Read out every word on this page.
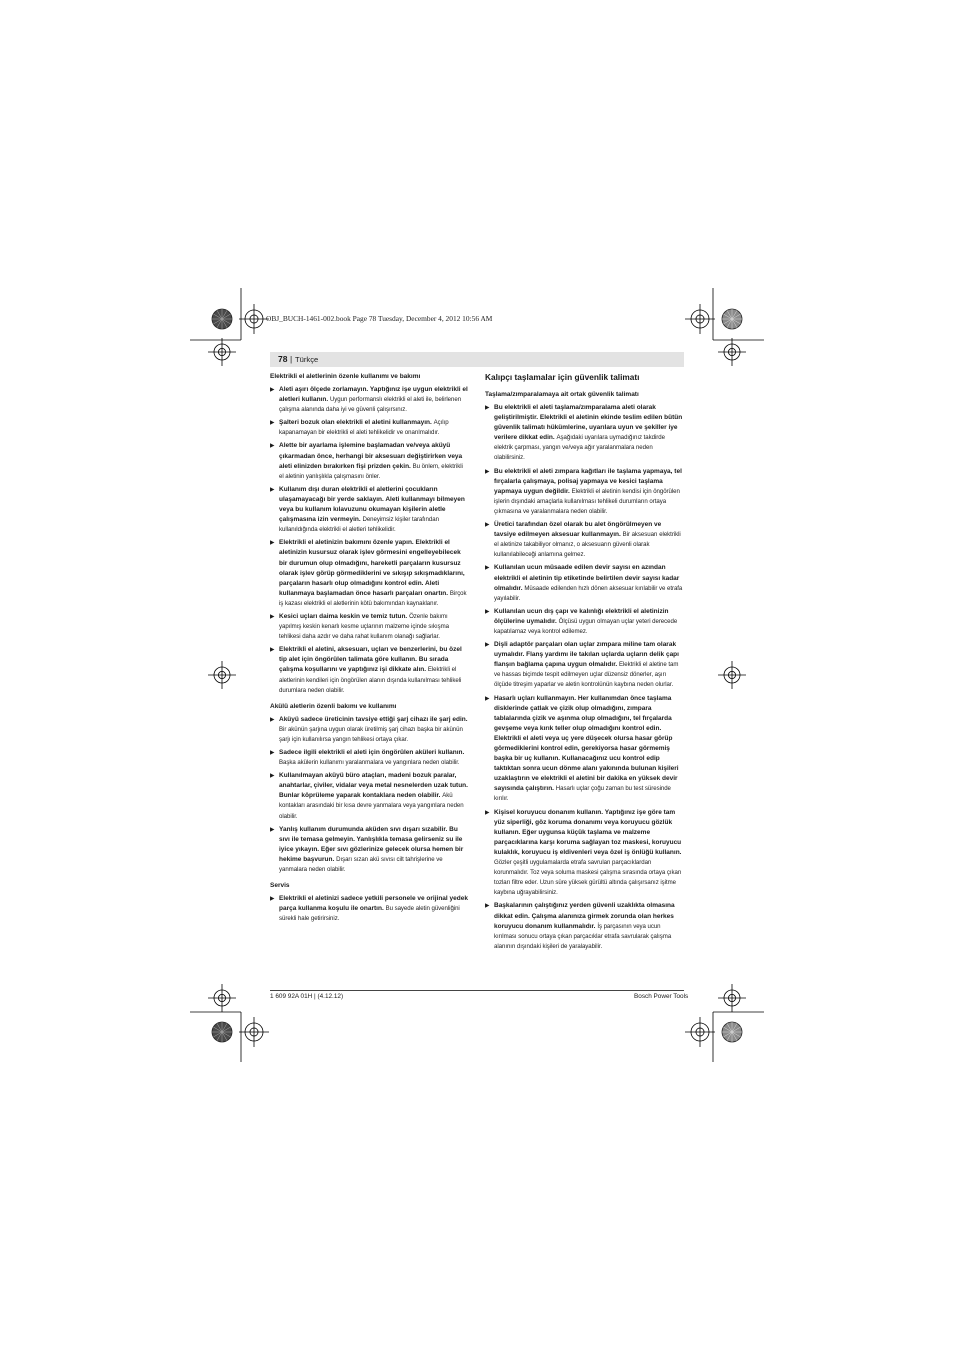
OBJ_BUCH-1461-002.book Page 78 Tuesday, December 4, 2012 10:56 AM
78 | Türkçe
Elektrikli el aletlerinin özenle kullanımı ve bakımı
▶ Aleti aşırı ölçede zorlamayın. Yaptığınız işe uygun elektrikli el aletleri kullanın. Uygun performanslı elektrikli el aleti ile, belirlenen çalışma alanında daha iyi ve güvenli çalışırsınız.
▶ Şalteri bozuk olan elektrikli el aletini kullanmayın. Açılıp kapanamayan bir elektrikli el aleti tehlikelidir ve onarılmalıdır.
▶ Alette bir ayarlama işlemine başlamadan ve/veya aküyü çıkarmadan önce, herhangi bir aksesuarı değiştirirken veya aleti elinizden bırakırken fişi prizden çekin. Bu önlem, elektrikli el aletinin yanlışlıkla çalışmasını önler.
▶ Kullanım dışı duran elektrikli el aletlerini çocukların ulaşamayacağı bir yerde saklayın. Aleti kullanmayı bilmeyen veya bu kullanım kılavuzunu okumayan kişilerin aletle çalışmasına izin vermeyin. Deneyimsiz kişiler tarafından kullanıldığında elektrikli el aletleri tehlikelidir.
▶ Elektrikli el aletinizin bakımını özenle yapın. Elektrikli el aletinizin kusursuz olarak işlev görmesini engelleyebilecek bir durumun olup olmadığını, hareketli parçaların kusursuz olarak işlev görüp görmediklerini ve sıkışıp sıkışmadıklarını, parçaların hasarlı olup olmadığını kontrol edin. Aleti kullanmaya başlamadan önce hasarlı parçaları onartın. Birçok iş kazası elektrikli el aletlerinin kötü bakımından kaynaklanır.
▶ Kesici uçları daima keskin ve temiz tutun. Özenle bakımı yapılmış keskin kenarlı kesme uçlarının malzeme içinde sıkışma tehlikesi daha azdır ve daha rahat kullanım olanağı sağlarlar.
▶ Elektrikli el aletini, aksesuarı, uçları ve benzerlerini, bu özel tip alet için öngörülen talimata göre kullanın. Bu sırada çalışma koşullarını ve yaptığınız işi dikkate alın. Elektrikli el aletlerinin kendileri için öngörülen alanın dışında kullanılması tehlikeli durumlara neden olabilir.
Akülü aletlerin özenli bakımı ve kullanımı
▶ Aküyü sadece üreticinin tavsiye ettiği şarj cihazı ile şarj edin. Bir akünün şarjına uygun olarak üretilmiş şarj cihazı başka bir akünün şarjı için kullanılırsa yangın tehlikesi ortaya çıkar.
▶ Sadece ilgili elektrikli el aleti için öngörülen aküleri kullanın. Başka akülerin kullanımı yaralanmalara ve yangınlara neden olabilir.
▶ Kullanılmayan aküyü büro ataçları, madeni bozuk paralar, anahtarlar, çiviler, vidalar veya metal nesnelerden uzak tutun. Bunlar köprüleme yaparak kontaklara neden olabilir. Akü kontakları arasındaki bir kısa devre yanmalara veya yangınlara neden olabilir.
▶ Yanlış kullanım durumunda aküden sıvı dışarı sızabilir. Bu sıvı ile temasa gelmeyin. Yanlışlıkla temasa gelirseniz su ile iyice yıkayın. Eğer sıvı gözlerinize gelecek olursa hemen bir hekime başvurun. Dışarı sızan akü sıvısı cilt tahrişlerine ve yanmalara neden olabilir.
Servis
▶ Elektrikli el aletinizi sadece yetkili personele ve orijinal yedek parça kullanma koşulu ile onartın. Bu sayede aletin güvenliğini sürekli hale getirirsiniz.
Kalıpçı taşlamalar için güvenlik talimatı
Taşlama/zımparalamaya ait ortak güvenlik talimatı
▶ Bu elektrikli el aleti taşlama/zımparalama aleti olarak geliştirilmiştir. Elektrikli el aletinin ekinde teslim edilen bütün güvenlik talimatı hükümlerine, uyarılara uyun ve şekiller iye verilere dikkat edin. Aşağıdaki uyarılara uymadığınız takdirde elektrik çarpması, yangın ve/veya ağır yaralanmalara neden olabilirsiniz.
▶ Bu elektrikli el aleti zımpara kağıtları ile taşlama yapmaya, tel fırçalarla çalışmaya, polisaj yapmaya ve kesici taşlama yapmaya uygun değildir. Elektrikli el aletinin kendisi için öngörülen işlerin dışındaki amaçlarla kullanılması tehlikeli durumların ortaya çıkmasına ve yaralanmalara neden olabilir.
▶ Üretici tarafından özel olarak bu alet öngörülmeyen ve tavsiye edilmeyen aksesuar kullanmayın. Bir aksesuarı elektrikli el aletinize takabiliyor olmanız, o aksesuarın güvenli olarak kullanılabileceği anlamına gelmez.
▶ Kullanılan ucun müsaade edilen devir sayısı en azından elektrikli el aletinin tip etiketinde belirtilen devir sayısı kadar olmalıdır. Müsaade edilenden hızlı dönen aksesuar kırılabilir ve etrafa yayılabilir.
▶ Kullanılan ucun dış çapı ve kalınlığı elektrikli el aletinizin ölçülerine uymalıdır. Ölçüsü uygun olmayan uçlar yeteri derecede kapatılamaz veya kontrol edilemez.
▶ Dişli adaptör parçaları olan uçlar zımpara miline tam olarak uymalıdır. Flanş yardımı ile takılan uçlarda uçların delik çapı flanşın bağlama çapına uygun olmalıdır. Elektrikli el aletine tam ve hassas biçimde tespit edilmeyen uçlar düzensiz dönerler, aşırı ölçüde titreşim yaparlar ve aletin kontrolünün kaybına neden olurlar.
▶ Hasarlı uçları kullanmayın. Her kullanımdan önce taşlama disklerinde çatlak ve çizik olup olmadığını, zımpara tablalarında çizik ve aşınma olup olmadığını, tel fırçalarda gevşeme veya kırık teller olup olmadığını kontrol edin. Elektrikli el aleti veya uç yere düşecek olursa hasar görüp görmediklerini kontrol edin, gerekiyorsa hasar görmemiş başka bir uç kullanın. Kullanacağınız ucu kontrol edip taktıktan sonra ucun dönme alanı yakınında bulunan kişileri uzaklaştırın ve elektrikli el aletini bir dakika en yüksek devir sayısında çalıştırın. Hasarlı uçlar çoğu zaman bu test süresinde kırılır.
▶ Kişisel koruyucu donanım kullanın. Yaptığınız işe göre tam yüz siperliği, göz koruma donanımı veya koruyucu gözlük kullanın. Eğer uygunsa küçük taşlama ve malzeme parçacıklarına karşı koruma sağlayan toz maskesi, koruyucu kulaklık, koruyucu iş eldivenleri veya özel iş önlüğü kullanın. Gözler çeşitli uygulamalarda etrafa savrulan parçacıklardan korunmalıdır. Toz veya soluma maskesi çalışma sırasında ortaya çıkan tozları filtre eder. Uzun süre yüksek gürültü altında çalışırsanız işitme kaybına uğrayabilirsiniz.
▶ Başkalarının çalıştığınız yerden güvenli uzaklıkta olmasına dikkat edin. Çalışma alanınıza girmek zorunda olan herkes koruyucu donanım kullanmalıdır. İş parçasının veya ucun kırılması sonucu ortaya çıkan parçacıklar etrafa savrularak çalışma alanının dışındaki kişileri de yaralayabilir.
1 609 92A 01H | (4.12.12)	Bosch Power Tools
